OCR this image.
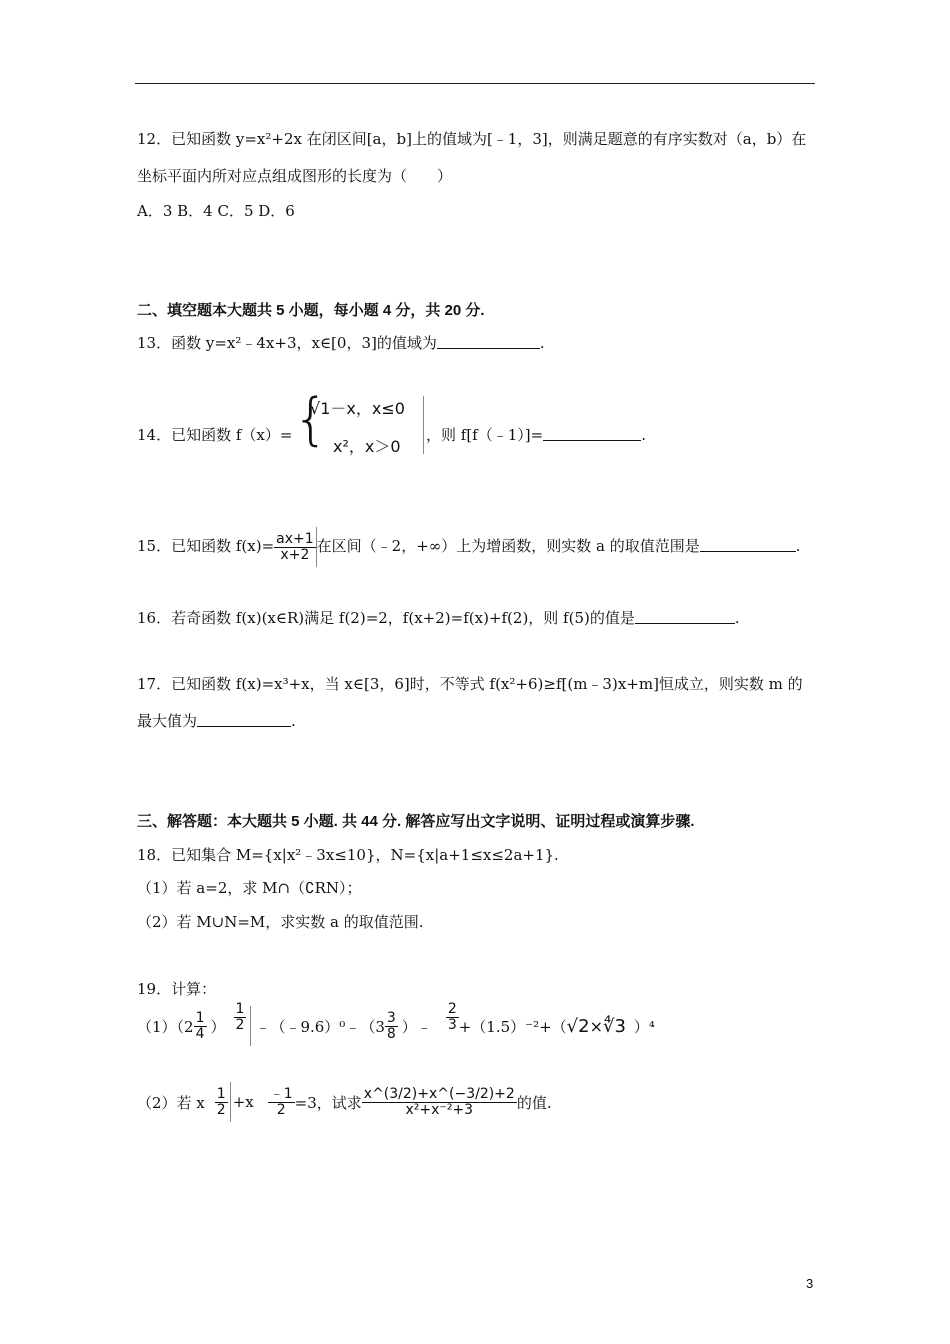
12．已知函数 y=x²+2x 在闭区间[a，b]上的值域为[﹣1，3]，则满足题意的有序实数对（a，b）在
坐标平面内所对应点组成图形的长度为（　　）
A．3 B．4 C．5 D．6
二、填空题本大题共 5 小题，每小题 4 分，共 20 分.
13．函数 y=x²﹣4x+3，x∈[0，3]的值域为	.
14．已知函数 f（x）= {
√1－x，x≤0
x²，x＞0
，则 f[f（﹣1）]=	.
15．已知函数 $f(x)= \frac{ax+1}{x+2}$ 在区间（﹣2，+∞）上为增函数，则实数 a 的取值范围是	.
16．若奇函数 f(x)(x∈R)满足 f(2)=2，f(x+2)=f(x)+f(2)，则 f(5)的值是	.
17．已知函数 f(x)=x³+x，当 x∈[3，6]时，不等式 f(x²+6)≥f[(m﹣3)x+m]恒成立，则实数 m 的
最大值为	.
三、解答题：本大题共 5 小题. 共 44 分. 解答应写出文字说明、证明过程或演算步骤.
18．已知集合 M={x|x²﹣3x≤10}，N={x|a+1≤x≤2a+1}.
（1）若 a=2，求 M∩（∁RN）；
（2）若 M∪N=M，求实数 a 的取值范围.
19．计算：
$(1)(2 \frac{1}{4}$ ） $\frac{1}{2}$ ﹣（﹣9.6）⁰﹣（3 $\frac{3}{8}$ ）﹣ $\frac{2}{3} +(1.5)^{-2}+$（ √2 × ∜3 ）⁴
（2）若 x $\frac{1}{2} +x \frac{﹣1}{2} =3$，试求 $\frac{x\^{}(3/2)+x\^{}(-3/2)+2}{\text{x²+x⁻²+3}}$ 的值.
3
